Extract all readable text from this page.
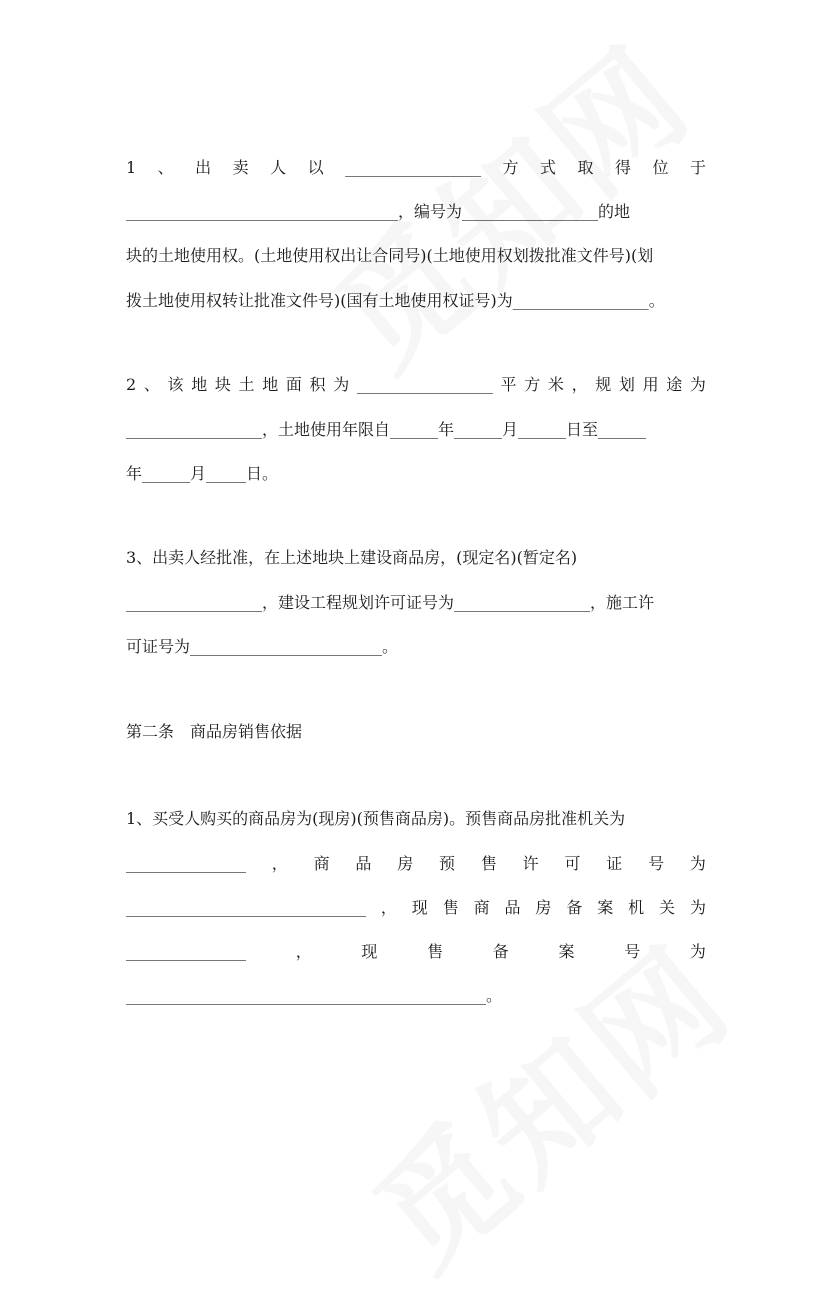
1 、 出 卖 人 以 _________________ 方 式 取 得 位 于
__________________________________，编号为_________________的地
块的土地使用权。(土地使用权出让合同号)(土地使用权划拨批准文件号)(划
拨土地使用权转让批准文件号)(国有土地使用权证号)为_________________。
2 、 该 地 块 土 地 面 积 为 _________________ 平 方 米 ， 规 划 用 途 为
_________________，土地使用年限自______年______月______日至______
年______月_____日。
3、出卖人经批准，在上述地块上建设商品房，(现定名)(暂定名)
_________________，建设工程规划许可证号为_________________，施工许
可证号为________________________。
第二条　商品房销售依据
1、买受人购买的商品房为(现房)(预售商品房)。预售商品房批准机关为
_______________ ， 商 品 房 预 售 许 可 证 号 为
______________________________ ， 现 售 商 品 房 备 案 机 关 为
_______________	，	现	售	备	案	号	为
_____________________________________________。
